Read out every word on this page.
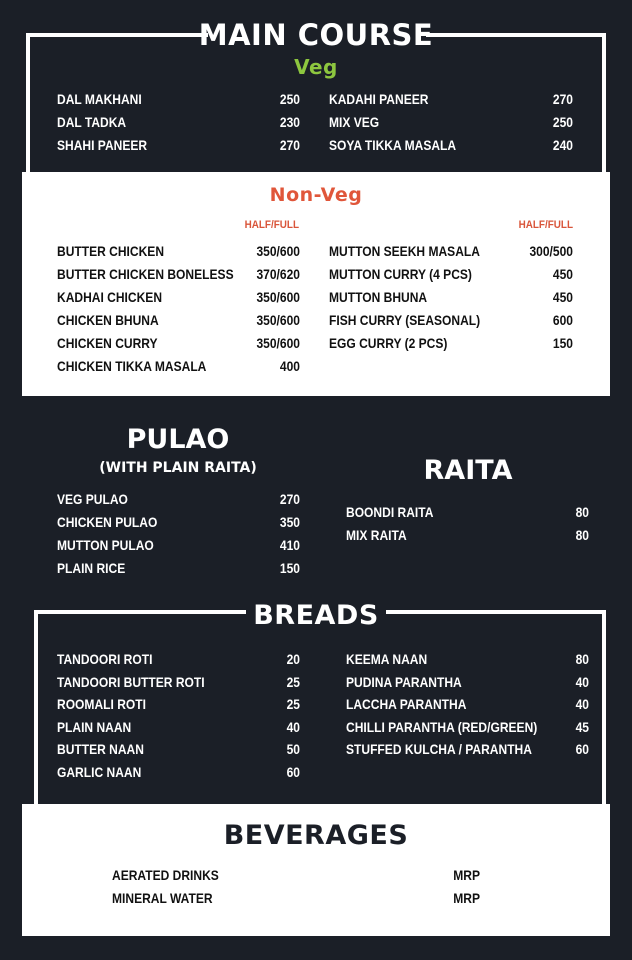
MAIN COURSE
Veg
DAL MAKHANI	250
DAL TADKA	230
SHAHI PANEER	270
KADAHI PANEER	270
MIX VEG	250
SOYA TIKKA MASALA	240
Non-Veg
HALF/FULL	HALF/FULL
BUTTER CHICKEN	350/600
BUTTER CHICKEN BONELESS 370/620
KADHAI CHICKEN	350/600
CHICKEN BHUNA	350/600
CHICKEN CURRY	350/600
CHICKEN TIKKA MASALA	400
MUTTON SEEKH MASALA	300/500
MUTTON CURRY (4 PCS)	450
MUTTON BHUNA	450
FISH CURRY (SEASONAL)	600
EGG CURRY (2 PCS)	150
PULAO
(WITH PLAIN RAITA)
VEG PULAO	270
CHICKEN PULAO	350
MUTTON PULAO	410
PLAIN RICE	150
RAITA
BOONDI RAITA	80
MIX RAITA	80
BREADS
TANDOORI ROTI	20
TANDOORI BUTTER ROTI	25
ROOMALI ROTI	25
PLAIN NAAN	40
BUTTER NAAN	50
GARLIC NAAN	60
KEEMA NAAN	80
PUDINA PARANTHA	40
LACCHA PARANTHA	40
CHILLI PARANTHA (RED/GREEN)	45
STUFFED KULCHA / PARANTHA	60
BEVERAGES
AERATED DRINKS	MRP
MINERAL WATER	MRP
